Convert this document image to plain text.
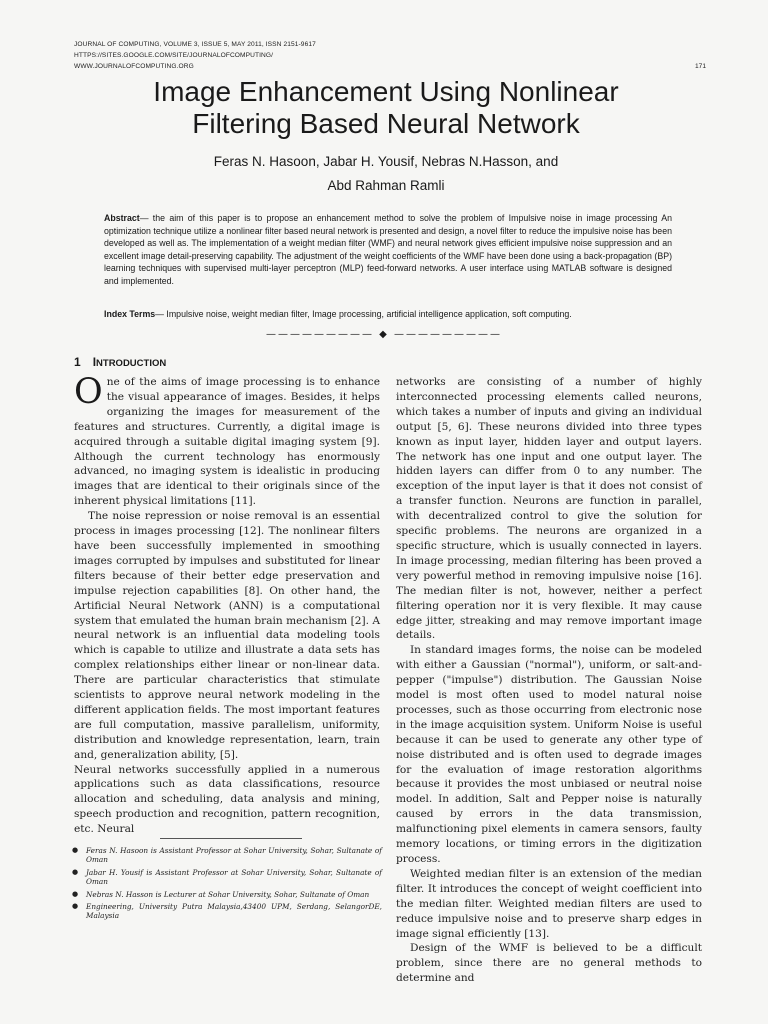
JOURNAL OF COMPUTING, VOLUME 3, ISSUE 5, MAY 2011, ISSN 2151-9617
HTTPS://SITES.GOOGLE.COM/SITE/JOURNALOFCOMPUTING/
WWW.JOURNALOFCOMPUTING.ORG	171
Image Enhancement Using Nonlinear
Filtering Based Neural Network
Feras N. Hasoon, Jabar H. Yousif, Nebras N.Hasson, and
Abd Rahman Ramli

Abstract— the aim of this paper is to propose an enhancement method to solve the problem of Impulsive noise in image processing An optimization technique utilize a nonlinear filter based neural network is presented and design, a novel filter to reduce the impulsive noise has been developed as well as. The implementation of a weight median filter (WMF) and neural network gives efficient impulsive noise suppression and an excellent image detail-preserving capability. The adjustment of the weight coefficients of the WMF have been done using a back-propagation (BP) learning techniques with supervised multi-layer perceptron (MLP) feed-forward networks. A user interface using MATLAB software is designed and implemented.

Index Terms— Impulsive noise, weight median filter, Image processing, artificial intelligence application, soft computing.

————————— ◆ —————————
1 INTRODUCTION

One of the aims of image processing is to enhance the visual appearance of images. Besides, it helps organizing the images for measurement of the features and structures. Currently, a digital image is acquired through a suitable digital imaging system [9]. Although the current technology has enormously advanced, no imaging system is idealistic in producing images that are identical to their originals since of the inherent physical limitations [11].

The noise repression or noise removal is an essential process in images processing [12]. The nonlinear filters have been successfully implemented in smoothing images corrupted by impulses and substituted for linear filters because of their better edge preservation and impulse rejection capabilities [8]. On other hand, the Artificial Neural Network (ANN) is a computational system that emulated the human brain mechanism [2]. A neural network is an influential data modeling tools which is capable to utilize and illustrate a data sets has complex relationships either linear or non-linear data. There are particular characteristics that stimulate scientists to approve neural network modeling in the different application fields. The most important features are full computation, massive parallelism, uniformity, distribution and knowledge representation, learn, train and, generalization ability, [5].

Neural networks successfully applied in a numerous applications such as data classifications, resource allocation and scheduling, data analysis and mining, speech production and recognition, pattern recognition, etc. Neural

networks are consisting of a number of highly interconnected processing elements called neurons, which takes a number of inputs and giving an individual output [5, 6]. These neurons divided into three types known as input layer, hidden layer and output layers. The network has one input and one output layer. The hidden layers can differ from 0 to any number. The exception of the input layer is that it does not consist of a transfer function. Neurons are function in parallel, with decentralized control to give the solution for specific problems. The neurons are organized in a specific structure, which is usually connected in layers. In image processing, median filtering has been proved a very powerful method in removing impulsive noise [16]. The median filter is not, however, neither a perfect filtering operation nor it is very flexible. It may cause edge jitter, streaking and may remove important image details.

In standard images forms, the noise can be modeled with either a Gaussian ("normal"), uniform, or salt-and-pepper ("impulse") distribution. The Gaussian Noise model is most often used to model natural noise processes, such as those occurring from electronic nose in the image acquisition system. Uniform Noise is useful because it can be used to generate any other type of noise distributed and is often used to degrade images for the evaluation of image restoration algorithms because it provides the most unbiased or neutral noise model. In addition, Salt and Pepper noise is naturally caused by errors in the data transmission, malfunctioning pixel elements in camera sensors, faulty memory locations, or timing errors in the digitization process.

Weighted median filter is an extension of the median filter. It introduces the concept of weight coefficient into the median filter. Weighted median filters are used to reduce impulsive noise and to preserve sharp edges in image signal efficiently [13].

Design of the WMF is believed to be a difficult problem, since there are no general methods to determine and

● Feras N. Hasoon is Assistant Professor at Sohar University, Sohar, Sultanate of Oman
● Jabar H. Yousif is Assistant Professor at Sohar University, Sohar, Sultanate of Oman
● Nebras N. Hasson is Lecturer at Sohar University, Sohar, Sultanate of Oman
● Engineering, University Putra Malaysia,43400 UPM, Serdang, SelangorDE, Malaysia
